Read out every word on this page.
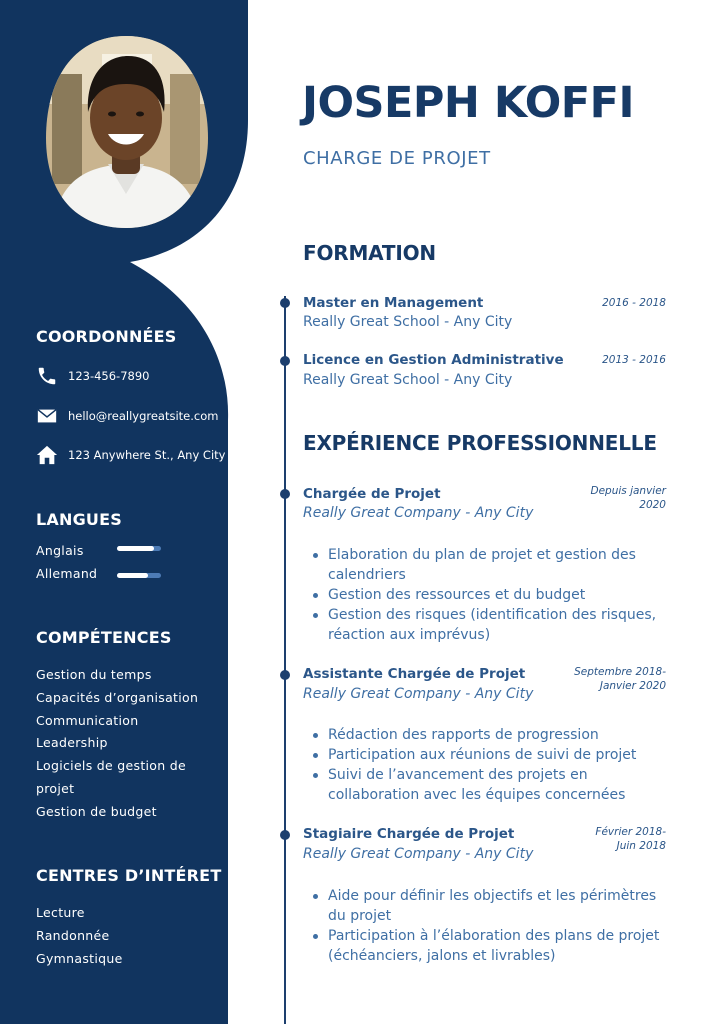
COORDONNÉES
123-456-7890
hello@reallygreatsite.com
123 Anywhere St., Any City
LANGUES
Anglais
Allemand
COMPÉTENCES
Gestion du temps
Capacités d’organisation
Communication
Leadership
Logiciels de gestion de
projet
Gestion de budget
CENTRES D’INTÉRET
Lecture
Randonnée
Gymnastique
JOSEPH KOFFI
CHARGE DE PROJET
FORMATION
Master en Management
Really Great School - Any City
2016 - 2018
Licence en Gestion Administrative
Really Great School - Any City
2013 - 2016
EXPÉRIENCE PROFESSIONNELLE
Chargée de Projet
Really Great Company - Any City
Depuis janvier
2020
Elaboration du plan de projet et gestion des calendriers
Gestion des ressources et du budget
Gestion des risques (identification des risques, réaction aux imprévus)
Assistante Chargée de Projet
Really Great Company - Any City
Septembre 2018-
Janvier 2020
Rédaction des rapports de progression
Participation aux réunions de suivi de projet
Suivi de l’avancement des projets en collaboration avec les équipes concernées
Stagiaire Chargée de Projet
Really Great Company - Any City
Février 2018-
Juin 2018
Aide pour définir les objectifs et les périmètres du projet
Participation à l’élaboration des plans de projet (échéanciers, jalons et livrables)
